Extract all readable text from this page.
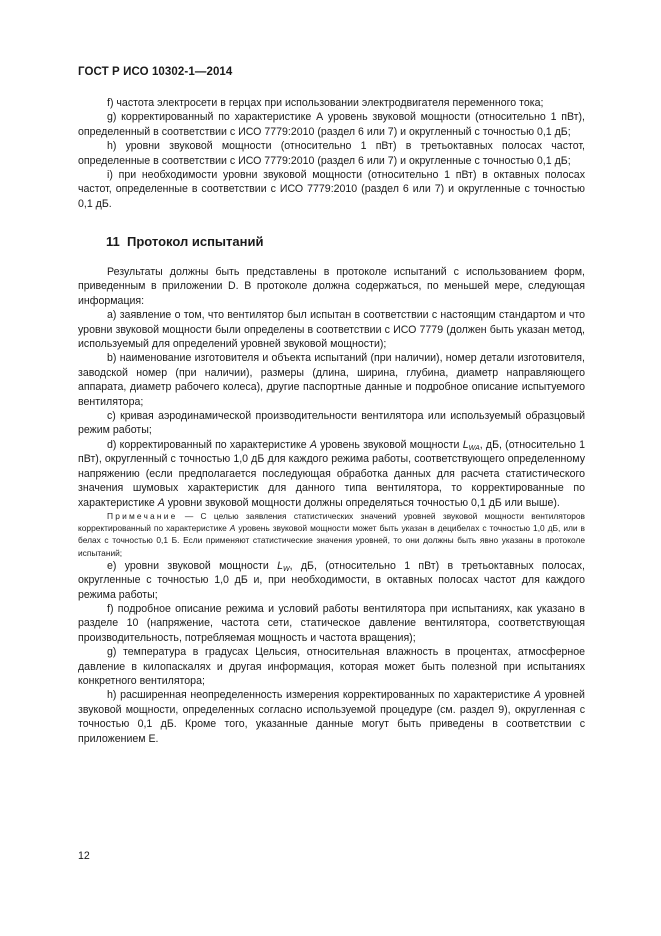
ГОСТ Р ИСО 10302-1—2014

f) частота электросети в герцах при использовании электродвигателя переменного тока;

g) корректированный по характеристике А уровень звуковой мощности (относительно 1 пВт), определенный в соответствии с ИСО 7779:2010 (раздел 6 или 7) и округленный с точностью 0,1 дБ;

h) уровни звуковой мощности (относительно 1 пВт) в третьоктавных полосах частот, определенные в соответствии с ИСО 7779:2010 (раздел 6 или 7) и округленные с точностью 0,1 дБ;

i) при необходимости уровни звуковой мощности (относительно 1 пВт) в октавных полосах частот, определенные в соответствии с ИСО 7779:2010 (раздел 6 или 7) и округленные с точностью 0,1 дБ.

11 Протокол испытаний

Результаты должны быть представлены в протоколе испытаний с использованием форм, приведенным в приложении D. В протоколе должна содержаться, по меньшей мере, следующая информация:

а) заявление о том, что вентилятор был испытан в соответствии с настоящим стандартом и что уровни звуковой мощности были определены в соответствии с ИСО 7779 (должен быть указан метод, используемый для определений уровней звуковой мощности);

b) наименование изготовителя и объекта испытаний (при наличии), номер детали изготовителя, заводской номер (при наличии), размеры (длина, ширина, глубина, диаметр направляющего аппарата, диаметр рабочего колеса), другие паспортные данные и подробное описание испытуемого вентилятора;

c) кривая аэродинамической производительности вентилятора или используемый образцовый режим работы;

d) корректированный по характеристике А уровень звуковой мощности $L_{WA}$, дБ, (относительно 1 пВт), округленный с точностью 1,0 дБ для каждого режима работы, соответствующего определенному напряжению (если предполагается последующая обработка данных для расчета статистического значения шумовых характеристик для данного типа вентилятора, то корректированные по характеристике А уровни звуковой мощности должны определяться точностью 0,1 дБ или выше).

Примечание — С целью заявления статистических значений уровней звуковой мощности вентиляторов корректированный по характеристике А уровень звуковой мощности может быть указан в децибелах с точностью 1,0 дБ, или в белах с точностью 0,1 Б. Если применяют статистические значения уровней, то они должны быть явно указаны в протоколе испытаний;

e) уровни звуковой мощности $L_W$, дБ, (относительно 1 пВт) в третьоктавных полосах, округленные с точностью 1,0 дБ и, при необходимости, в октавных полосах частот для каждого режима работы;

f) подробное описание режима и условий работы вентилятора при испытаниях, как указано в разделе 10 (напряжение, частота сети, статическое давление вентилятора, соответствующая производительность, потребляемая мощность и частота вращения);

g) температура в градусах Цельсия, относительная влажность в процентах, атмосферное давление в килопаскалях и другая информация, которая может быть полезной при испытаниях конкретного вентилятора;

h) расширенная неопределенность измерения корректированных по характеристике А уровней звуковой мощности, определенных согласно используемой процедуре (см. раздел 9), округленная с точностью 0,1 дБ. Кроме того, указанные данные могут быть приведены в соответствии с приложением Е.

12
